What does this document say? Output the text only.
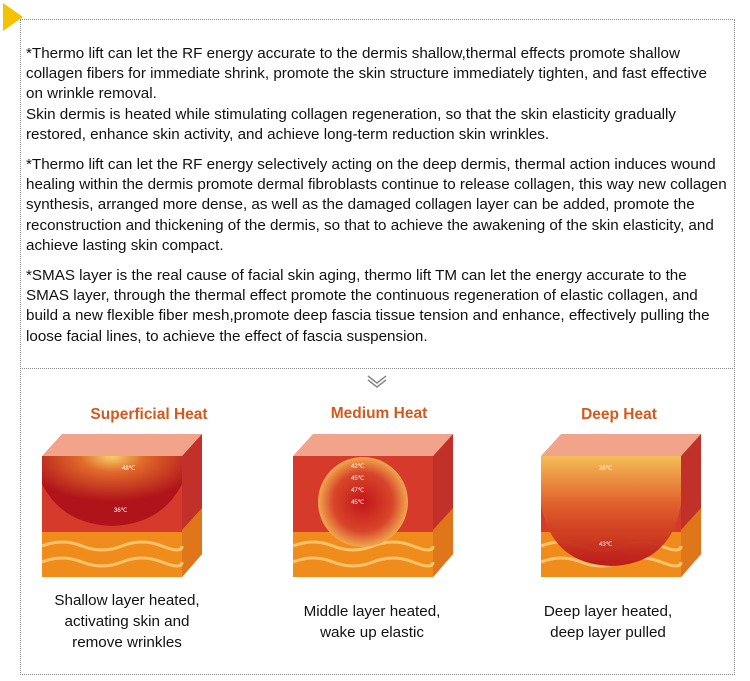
*Thermo lift can let the RF energy accurate to the dermis shallow,thermal effects promote shallow collagen fibers for immediate shrink, promote the skin structure immediately tighten, and fast effective on wrinkle removal.

Skin dermis is heated while stimulating collagen regeneration, so that the skin elasticity gradually restored, enhance skin activity, and achieve long-term reduction skin wrinkles.

*Thermo lift can let the RF energy selectively acting on the deep dermis, thermal action induces wound healing within the dermis promote dermal fibroblasts continue to release collagen, this way new collagen synthesis, arranged more dense, as well as the damaged collagen layer can be added, promote the reconstruction and thickening of the dermis, so that to achieve the awakening of the skin elasticity, and achieve lasting skin compact.

*SMAS layer is the real cause of facial skin aging, thermo lift TM can let the energy accurate to the SMAS layer, through the thermal effect promote the continuous regeneration of elastic collagen, and build a new flexible fiber mesh,promote deep fascia tissue tension and enhance, effectively pulling the loose facial lines, to achieve the effect of fascia suspension.

Superficial Heat
48℃
36℃
Shallow layer heated,
activating skin and
remove wrinkles
Medium Heat
42℃
45℃
47℃
45℃
Middle layer heated,
wake up elastic
Deep Heat
36℃
43℃
Deep layer heated,
deep layer pulled
